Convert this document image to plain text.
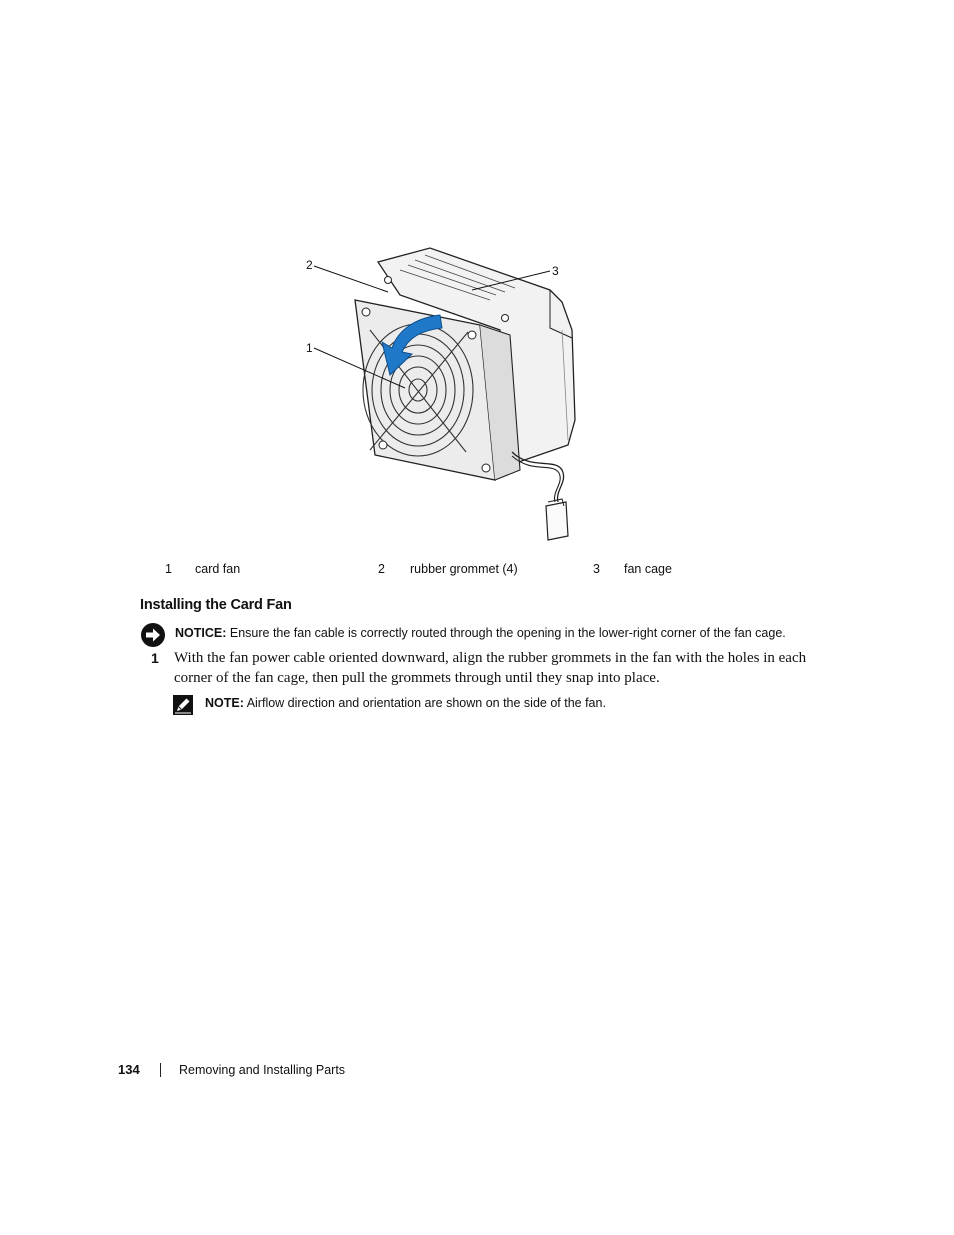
1
2	3
1 card fan	2 rubber grommet (4)	3 fan cage
Installing the Card Fan
NOTICE: Ensure the fan cable is correctly routed through the opening in the lower-right corner of the fan cage.
1 With the fan power cable oriented downward, align the rubber grommets in the fan with the holes in each corner of the fan cage, then pull the grommets through until they snap into place.
NOTE: Airflow direction and orientation are shown on the side of the fan.
134	Removing and Installing Parts
